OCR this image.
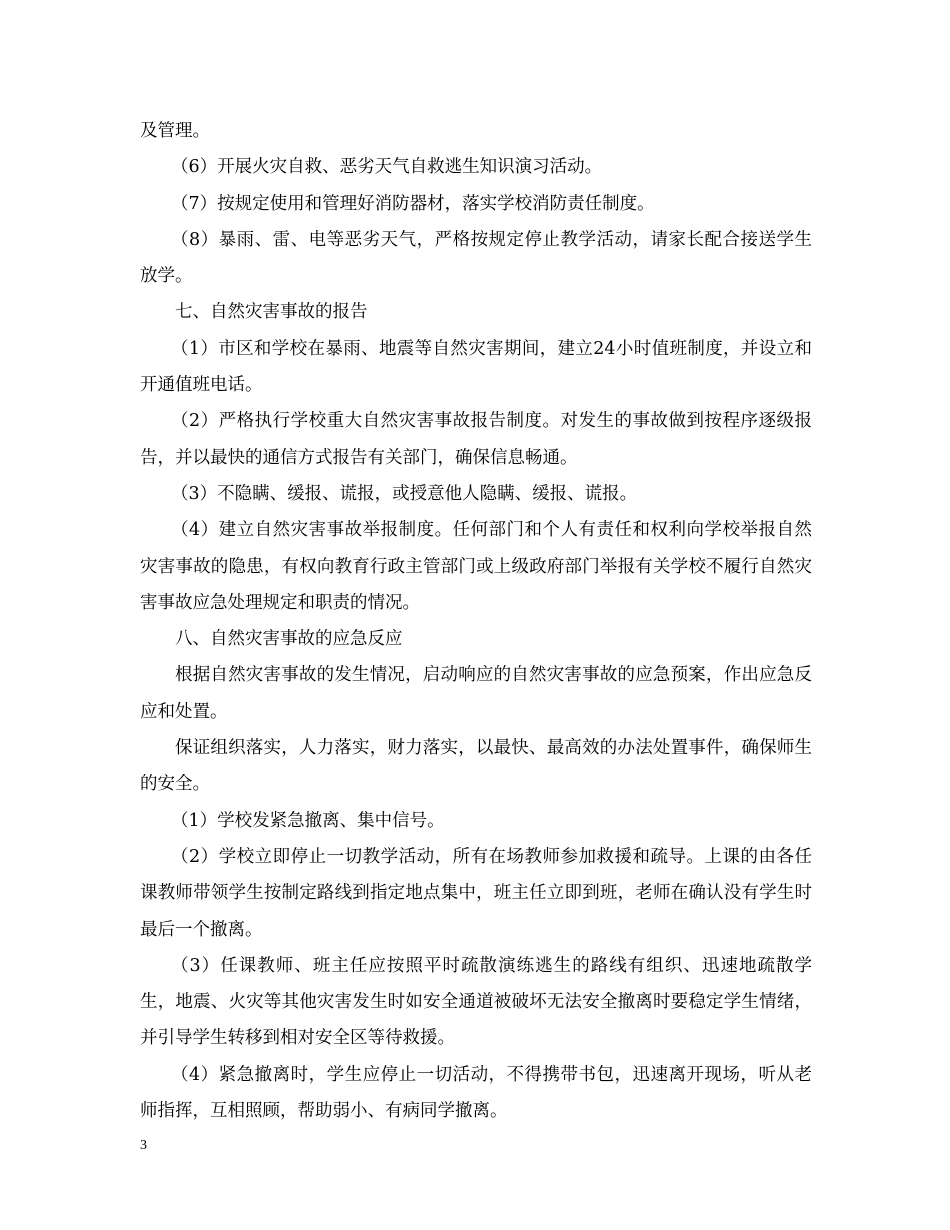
及管理。

（6）开展火灾自救、恶劣天气自救逃生知识演习活动。

（7）按规定使用和管理好消防器材，落实学校消防责任制度。

（8）暴雨、雷、电等恶劣天气，严格按规定停止教学活动，请家长配合接送学生放学。

七、自然灾害事故的报告

（1）市区和学校在暴雨、地震等自然灾害期间，建立24小时值班制度，并设立和开通值班电话。

（2）严格执行学校重大自然灾害事故报告制度。对发生的事故做到按程序逐级报告，并以最快的通信方式报告有关部门，确保信息畅通。

（3）不隐瞒、缓报、谎报，或授意他人隐瞒、缓报、谎报。

（4）建立自然灾害事故举报制度。任何部门和个人有责任和权利向学校举报自然灾害事故的隐患，有权向教育行政主管部门或上级政府部门举报有关学校不履行自然灾害事故应急处理规定和职责的情况。

八、自然灾害事故的应急反应

根据自然灾害事故的发生情况，启动响应的自然灾害事故的应急预案，作出应急反应和处置。

保证组织落实，人力落实，财力落实，以最快、最高效的办法处置事件，确保师生的安全。

（1）学校发紧急撤离、集中信号。

（2）学校立即停止一切教学活动，所有在场教师参加救援和疏导。上课的由各任课教师带领学生按制定路线到指定地点集中，班主任立即到班，老师在确认没有学生时最后一个撤离。

（3）任课教师、班主任应按照平时疏散演练逃生的路线有组织、迅速地疏散学生，地震、火灾等其他灾害发生时如安全通道被破坏无法安全撤离时要稳定学生情绪，并引导学生转移到相对安全区等待救援。

（4）紧急撤离时，学生应停止一切活动，不得携带书包，迅速离开现场，听从老师指挥，互相照顾，帮助弱小、有病同学撤离。

3
